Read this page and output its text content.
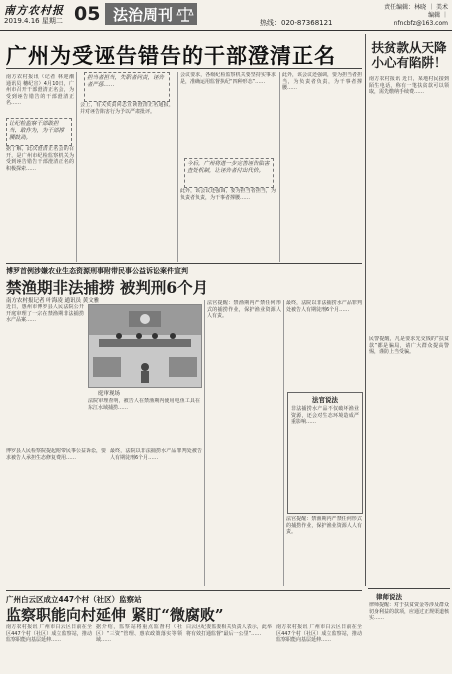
南方农村报
2019.4.16 星期二 05 法治周刊	热线：020-87368121
责任编辑：林晓 ｜ 美术编辑 ｜ nfncbfz@163.com
广州为受诬告错告的干部澄清正名
南方农村报讯（记者 林迎潮 通讯员 穗纪宣）4月10日，广州市召开干部澄清正名会，为受到诬告错告的干部澄清正名……
让纪检监察干部敢担当、敢作为，为干部撑腰鼓劲。
据了解，此次澄清正名会的召开，是广州市纪检监察机关为受到诬告错告干部澄清正名的积极探索……
担当者担当，失职者问责，诬告者严惩……
会上，有关负责同志宣读澄清正名通报，并对诬告陷害行为予以严肃批评。
会议要求，各级纪检监察机关要坚持实事求是，准确运用监督执纪“四种形态”……
今后，广州将进一步完善诬告陷害查处机制，让诬告者付出代价。
此外，该会议还强调，要为担当者担当，为负责者负责，为干事者撑腰……
此外，该会议还强调，要为担当者担当，为负责者负责，为干事者撑腰……
扶贫款从天降
小心有陷阱！
南方农村报讯 近日，某地村民接到陌生电话，称有一笔扶贫款可以领取，需先缴纳手续费……
民警提醒，凡是要求先交钱的“扶贫款”都是骗局，请广大群众提高警惕，谨防上当受骗。
博罗首例涉嫌农业生态资源刑事附带民事公益诉讼案件宣判
禁渔期非法捕捞 被判刑6个月
南方农村报记者 叶海凌 通讯员 黄文雅
近日，惠州市博罗县人民法院公开开庭审理了一宗在禁渔期非法捕捞水产品案……
庭审现场
法院审理查明，被告人在禁渔期内使用电鱼工具在东江水域捕捞……
博罗县人民检察院提起附带民事公益诉讼，要求被告人承担生态修复费用……
最终，法院以非法捕捞水产品罪判处被告人有期徒刑6个月……
法官提醒：禁渔期内严禁任何形式的捕捞作业，保护渔业资源人人有责。
最终，法院以非法捕捞水产品罪判处被告人有期徒刑6个月……
法官说法
非法捕捞水产品不仅破坏渔业资源，还会对生态环境造成严重影响……
法官提醒：禁渔期内严禁任何形式的捕捞作业，保护渔业资源人人有责。
广州白云区成立447个村（社区）监察站
监察职能向村延伸 紧盯“微腐败”
南方农村报讯 广州市白云区日前在全区447个村（社区）成立监察站，推动监察职能向基层延伸……
据介绍，监察站将重点监督村（社区）“三资”管理、惠农政策落实等领域……
白云区纪委监委相关负责人表示，此举将有效打通监督“最后一公里”……
南方农村报讯 广州市白云区日前在全区447个村（社区）成立监察站，推动监察职能向基层延伸……
律师说法
律师提醒：对于扶贫资金等涉及群众切身利益的款项，应通过正规渠道核实……
